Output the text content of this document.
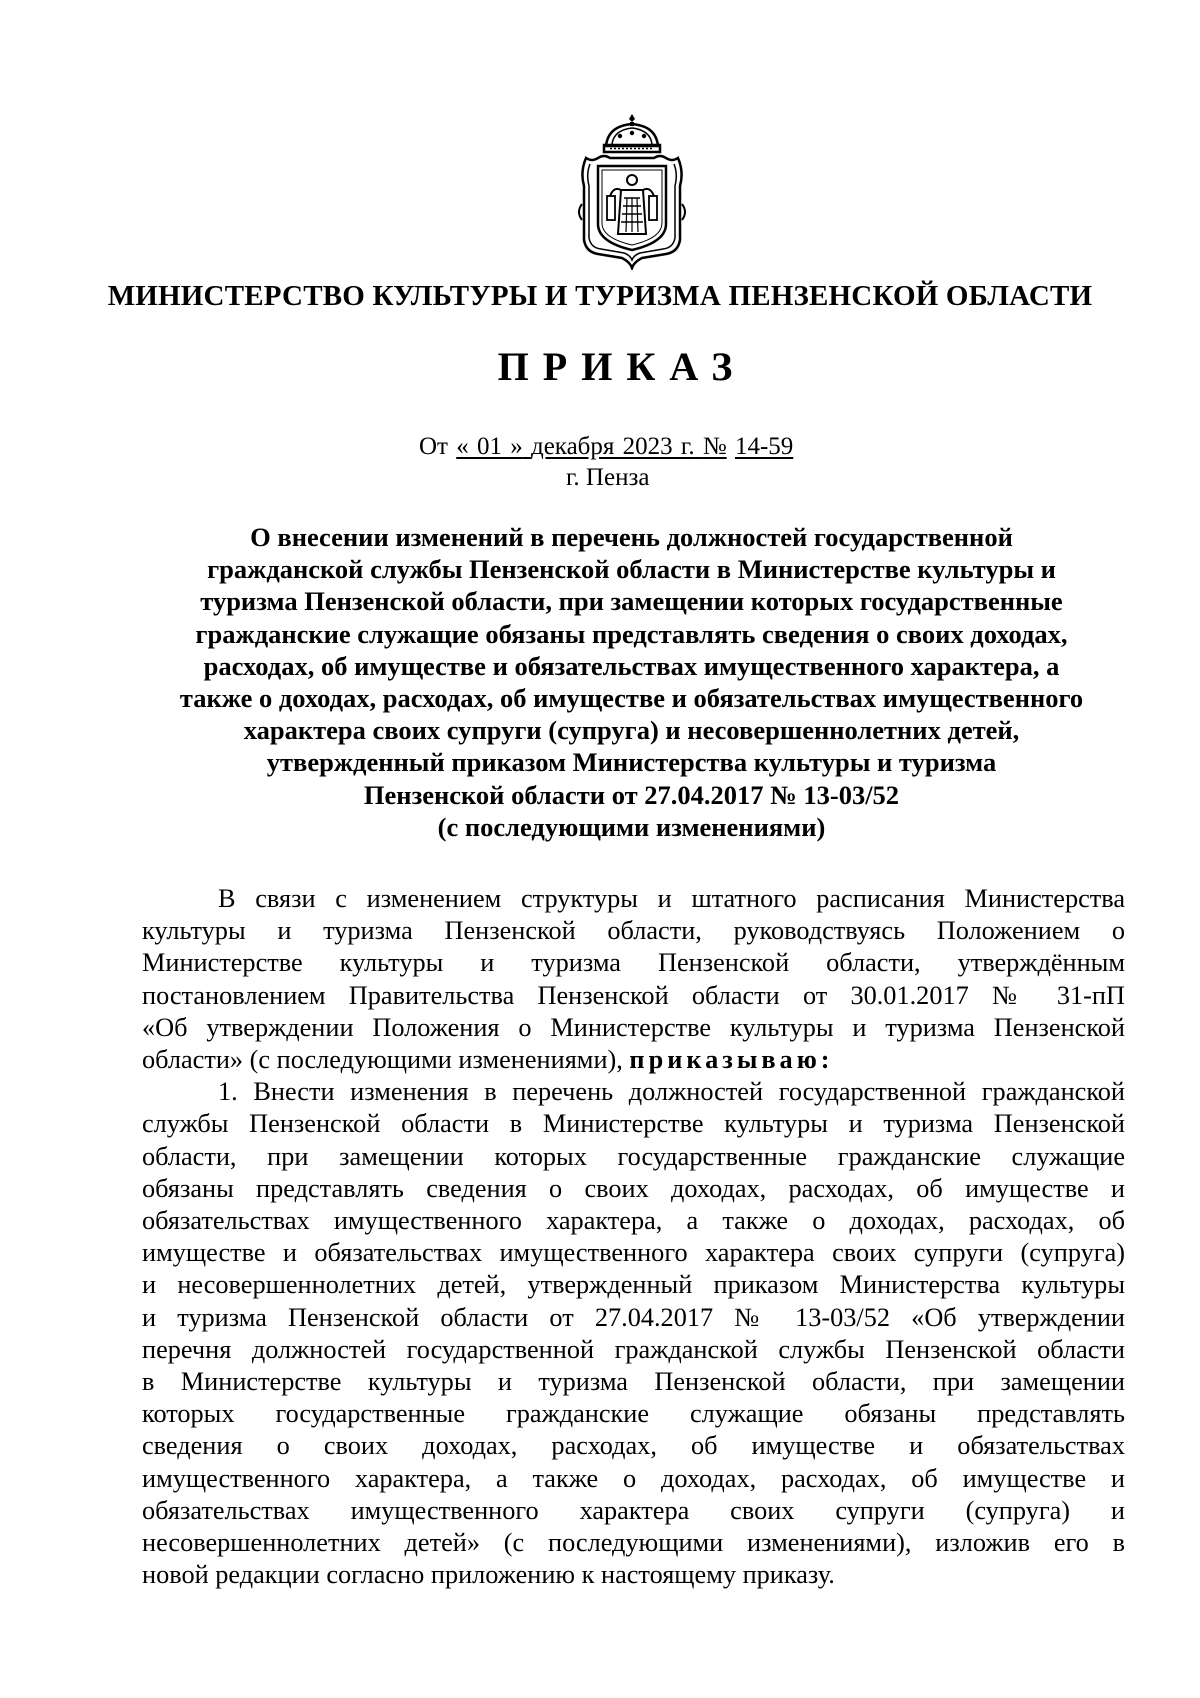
МИНИСТЕРСТВО КУЛЬТУРЫ И ТУРИЗМА ПЕНЗЕНСКОЙ ОБЛАСТИ
ПРИКАЗ
От « 01 » декабря 2023 г. № 14-59
г. Пенза
О внесении изменений в перечень должностей государственной
гражданской службы Пензенской области в Министерстве культуры и
туризма Пензенской области, при замещении которых государственные
гражданские служащие обязаны представлять сведения о своих доходах,
расходах, об имуществе и обязательствах имущественного характера, а
также о доходах, расходах, об имуществе и обязательствах имущественного
характера своих супруги (супруга) и несовершеннолетних детей,
утвержденный приказом Министерства культуры и туризма
Пензенской области от 27.04.2017 № 13-03/52
(с последующими изменениями)
В связи с изменением структуры и штатного расписания Министерства
культуры и туризма Пензенской области, руководствуясь Положением о
Министерстве культуры и туризма Пензенской области, утверждённым
постановлением Правительства Пензенской области от 30.01.2017 № 31-пП
«Об утверждении Положения о Министерстве культуры и туризма Пензенской
области» (с последующими изменениями), приказываю:
1. Внести изменения в перечень должностей государственной гражданской
службы Пензенской области в Министерстве культуры и туризма Пензенской
области, при замещении которых государственные гражданские служащие
обязаны представлять сведения о своих доходах, расходах, об имуществе и
обязательствах имущественного характера, а также о доходах, расходах, об
имуществе и обязательствах имущественного характера своих супруги (супруга)
и несовершеннолетних детей, утвержденный приказом Министерства культуры
и туризма Пензенской области от 27.04.2017 № 13-03/52 «Об утверждении
перечня должностей государственной гражданской службы Пензенской области
в Министерстве культуры и туризма Пензенской области, при замещении
которых государственные гражданские служащие обязаны представлять
сведения о своих доходах, расходах, об имуществе и обязательствах
имущественного характера, а также о доходах, расходах, об имуществе и
обязательствах имущественного характера своих супруги (супруга) и
несовершеннолетних детей» (с последующими изменениями), изложив его в
новой редакции согласно приложению к настоящему приказу.
